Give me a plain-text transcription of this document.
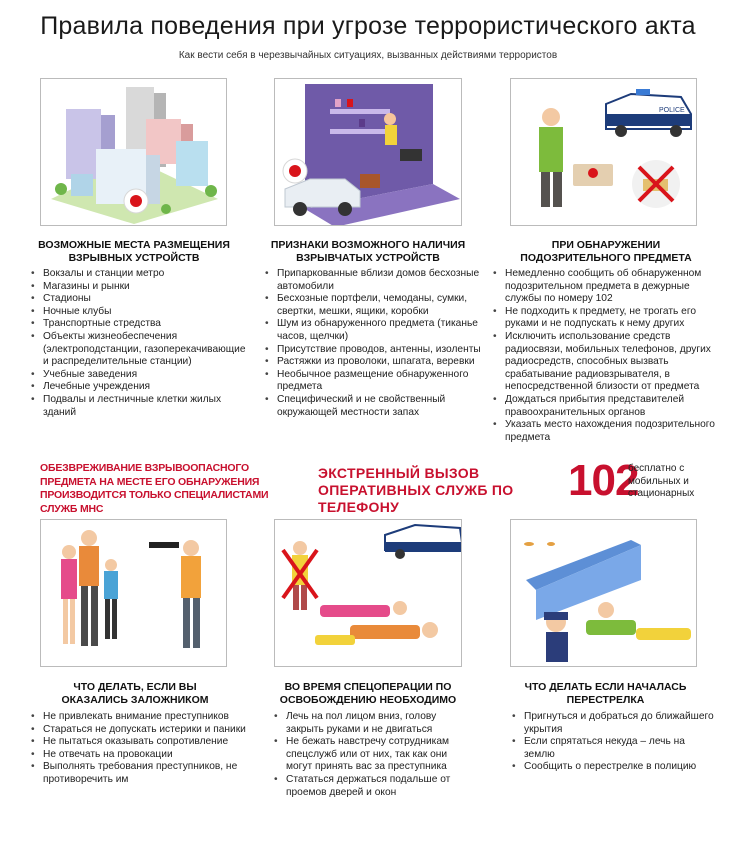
Правила поведения при угрозе террористического акта
Как вести себя в черезвычайных ситуациях, вызванных действиями террористов
POLICE
ВОЗМОЖНЫЕ МЕСТА РАЗМЕЩЕНИЯ ВЗРЫВНЫХ УСТРОЙСТВ
• Вокзалы и станции метро
• Магазины и рынки
• Стадионы
• Ночные клубы
• Транспортные стредства
• Объекты жизнеобеспечения (электроподстанции, газоперекачивающие и распределительные станции)
• Учебные заведения
• Лечебные учреждения
• Подвалы и лестничные клетки жилых зданий
ПРИЗНАКИ ВОЗМОЖНОГО НАЛИЧИЯ ВЗРЫВЧАТЫХ УСТРОЙСТВ
• Припаркованные вблизи домов бесхозные автомобили
• Бесхозные портфели, чемоданы, сумки, свертки, мешки, ящики, коробки
• Шум из обнаруженного предмета (тиканье часов, щелчки)
• Присутствие проводов, антенны, изоленты
• Растяжки из проволоки, шпагата, веревки
• Необычное размещение обнаруженного предмета
• Специфический и не свойственный окружающей местности запах
ПРИ ОБНАРУЖЕНИИ ПОДОЗРИТЕЛЬНОГО ПРЕДМЕТА
• Немедленно сообщить об обнаруженном подозрительном предмета в дежурные службы по номеру 102
• Не подходить к предмету, не трогать его руками и не подпускать к нему других
• Исключить использование средств радиосвязи, мобильных телефонов, других радиосредств, способных вызвать срабатывание радиовзрывателя, в непосредственной близости от предмета
• Дождаться прибытия представителей правоохранительных органов
• Указать место нахождения подозрительного предмета
ОБЕЗВРЕЖИВАНИЕ ВЗРЫВООПАСНОГО ПРЕДМЕТА НА МЕСТЕ ЕГО ОБНАРУЖЕНИЯ ПРОИЗВОДИТСЯ ТОЛЬКО СПЕЦИАЛИСТАМИ СЛУЖБ МНС
ЭКСТРЕННЫЙ ВЫЗОВ ОПЕРАТИВНЫХ СЛУЖБ ПО ТЕЛЕФОНУ
102
бесплатно с мобильных и стационарных
ЧТО ДЕЛАТЬ, ЕСЛИ ВЫ ОКАЗАЛИСЬ ЗАЛОЖНИКОМ
• Не привлекать внимание преступников
• Стараться не допускать истерики и паники
• Не пытаться оказывать сопротивление
• Не отвечать на провокации
• Выполнять требования преступников, не противоречить им
ВО ВРЕМЯ СПЕЦОПЕРАЦИИ ПО ОСВОБОЖДЕНИЮ НЕОБХОДИМО
• Лечь на пол лицом вниз, голову закрыть руками и не двигаться
• Не бежать навстречу сотрудникам спецслужб или от них, так как они могут принять вас за преступника
• Стататься держаться подальше от проемов дверей и окон
ЧТО ДЕЛАТЬ ЕСЛИ НАЧАЛАСЬ ПЕРЕСТРЕЛКА
• Пригнуться и добраться до ближайшего укрытия
• Если спрятаться некуда – лечь на землю
• Сообщить о перестрелке в полицию
